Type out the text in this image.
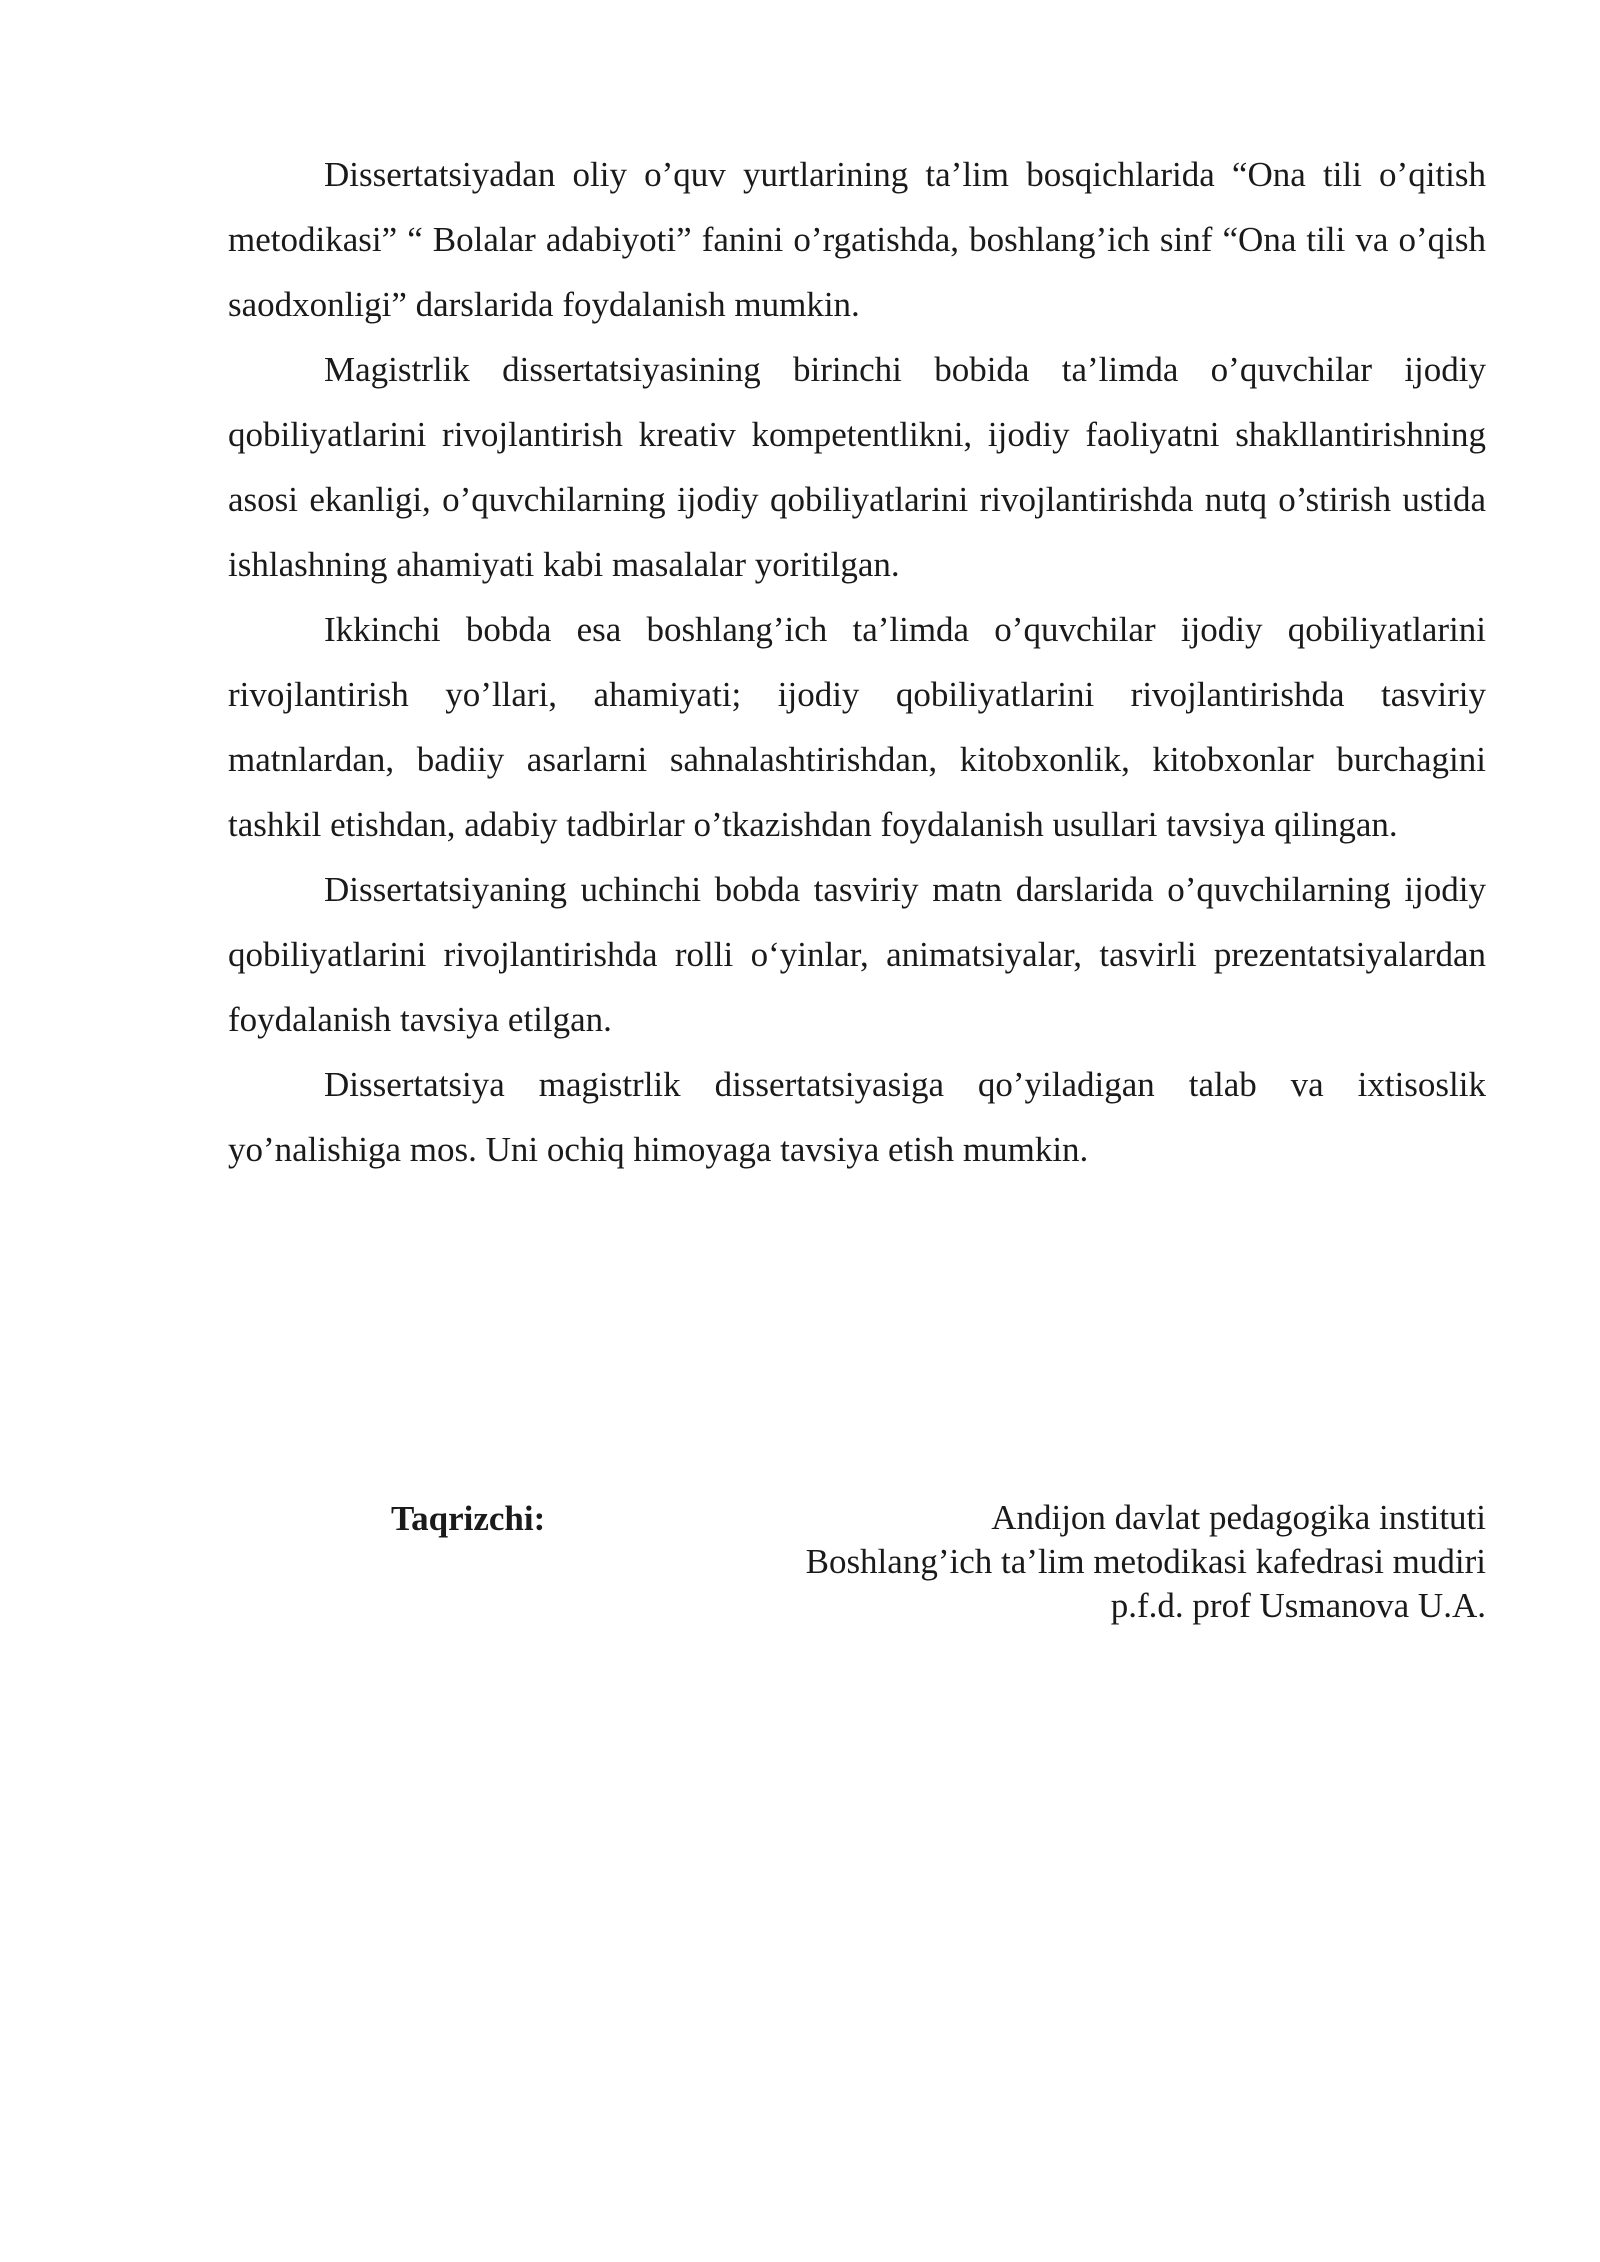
Dissertatsiyadan oliy o’quv yurtlarining ta’lim bosqichlarida “Ona tili o’qitish metodikasi” “ Bolalar adabiyoti” fanini o’rgatishda, boshlang’ich sinf “Ona tili va o’qish saodxonligi” darslarida foydalanish mumkin.

Magistrlik dissertatsiyasining birinchi bobida ta’limda o’quvchilar ijodiy qobiliyatlarini rivojlantirish kreativ kompetentlikni, ijodiy faoliyatni shakllantirishning asosi ekanligi, o’quvchilarning ijodiy qobiliyatlarini rivojlantirishda nutq o’stirish ustida ishlashning ahamiyati kabi masalalar yoritilgan.

Ikkinchi bobda esa boshlang’ich ta’limda o’quvchilar ijodiy qobiliyatlarini rivojlantirish yo’llari, ahamiyati; ijodiy qobiliyatlarini rivojlantirishda tasviriy matnlardan, badiiy asarlarni sahnalashtirishdan, kitobxonlik, kitobxonlar burchagini tashkil etishdan, adabiy tadbirlar o’tkazishdan foydalanish usullari tavsiya qilingan.

Dissertatsiyaning uchinchi bobda tasviriy matn darslarida o’quvchilarning ijodiy qobiliyatlarini rivojlantirishda rolli o‘yinlar, animatsiyalar, tasvirli prezentatsiyalardan foydalanish tavsiya etilgan.

Dissertatsiya magistrlik dissertatsiyasiga qo’yiladigan talab va ixtisoslik yo’nalishiga mos. Uni ochiq himoyaga tavsiya etish mumkin.

Taqrizchi:	Andijon davlat pedagogika instituti
Boshlang’ich ta’lim metodikasi kafedrasi mudiri
p.f.d. prof Usmanova U.A.
